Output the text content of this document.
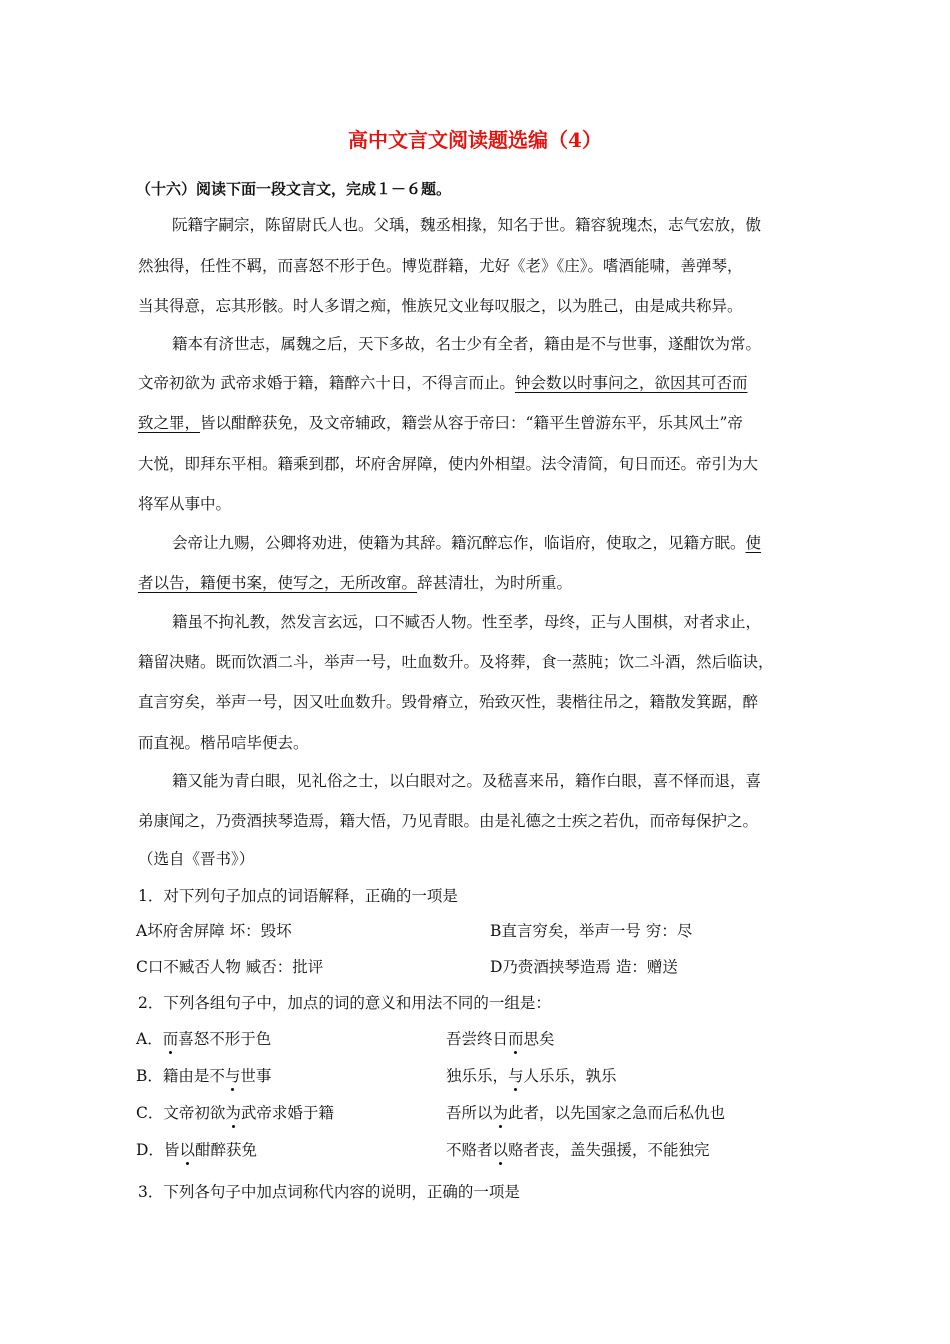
高中文言文阅读题选编（4）
（十六）阅读下面一段文言文，完成１－６题。
阮籍字嗣宗，陈留尉氏人也。父瑀，魏丞相掾，知名于世。籍容貌瑰杰，志气宏放，傲
然独得，任性不羁，而喜怒不形于色。博览群籍，尤好《老》《庄》。嗜酒能啸，善弹琴，
当其得意，忘其形骸。时人多谓之痴，惟族兄文业每叹服之，以为胜己，由是咸共称异。
籍本有济世志，属魏之后，天下多故，名士少有全者，籍由是不与世事，遂酣饮为常。
文帝初欲为 武帝求婚于籍，籍醉六十日，不得言而止。钟会数以时事问之，欲因其可否而
致之罪，皆以酣醉获免，及文帝辅政，籍尝从容于帝曰：“籍平生曾游东平，乐其风土”帝
大悦，即拜东平相。籍乘到郡，坏府舍屏障，使内外相望。法令清简，旬日而还。帝引为大
将军从事中。
会帝让九赐，公卿将劝进，使籍为其辞。籍沉醉忘作，临诣府，使取之，见籍方眠。使
者以告，籍便书案，使写之，无所改窜。辞甚清壮，为时所重。
籍虽不拘礼教，然发言玄远，口不臧否人物。性至孝，母终，正与人围棋，对者求止，
籍留决赌。既而饮酒二斗，举声一号，吐血数升。及将葬，食一蒸肫；饮二斗酒，然后临诀，
直言穷矣，举声一号，因又吐血数升。毁骨瘠立，殆致灭性，裴楷往吊之，籍散发箕踞，醉
而直视。楷吊唁毕便去。
籍又能为青白眼，见礼俗之士，以白眼对之。及嵇喜来吊，籍作白眼，喜不怿而退，喜
弟康闻之，乃赍酒挟琴造焉，籍大悟，乃见青眼。由是礼德之士疾之若仇，而帝每保护之。
（选自《晋书》）
1．对下列句子加点的词语解释，正确的一项是
A坏府舍屏障 坏：毁坏	B直言穷矣，举声一号 穷：尽
C口不臧否人物 臧否：批评	D乃赍酒挟琴造焉 造：赠送
2．下列各组句子中，加点的词的意义和用法不同的一组是：
A．而喜怒不形于色	吾尝终日而思矣
B．籍由是不与世事	独乐乐，与人乐乐，孰乐
C．文帝初欲为武帝求婚于籍	吾所以为此者，以先国家之急而后私仇也
D．皆以酣醉获免	不赂者以赂者丧，盖失强援，不能独完
3．下列各句子中加点词称代内容的说明，正确的一项是
